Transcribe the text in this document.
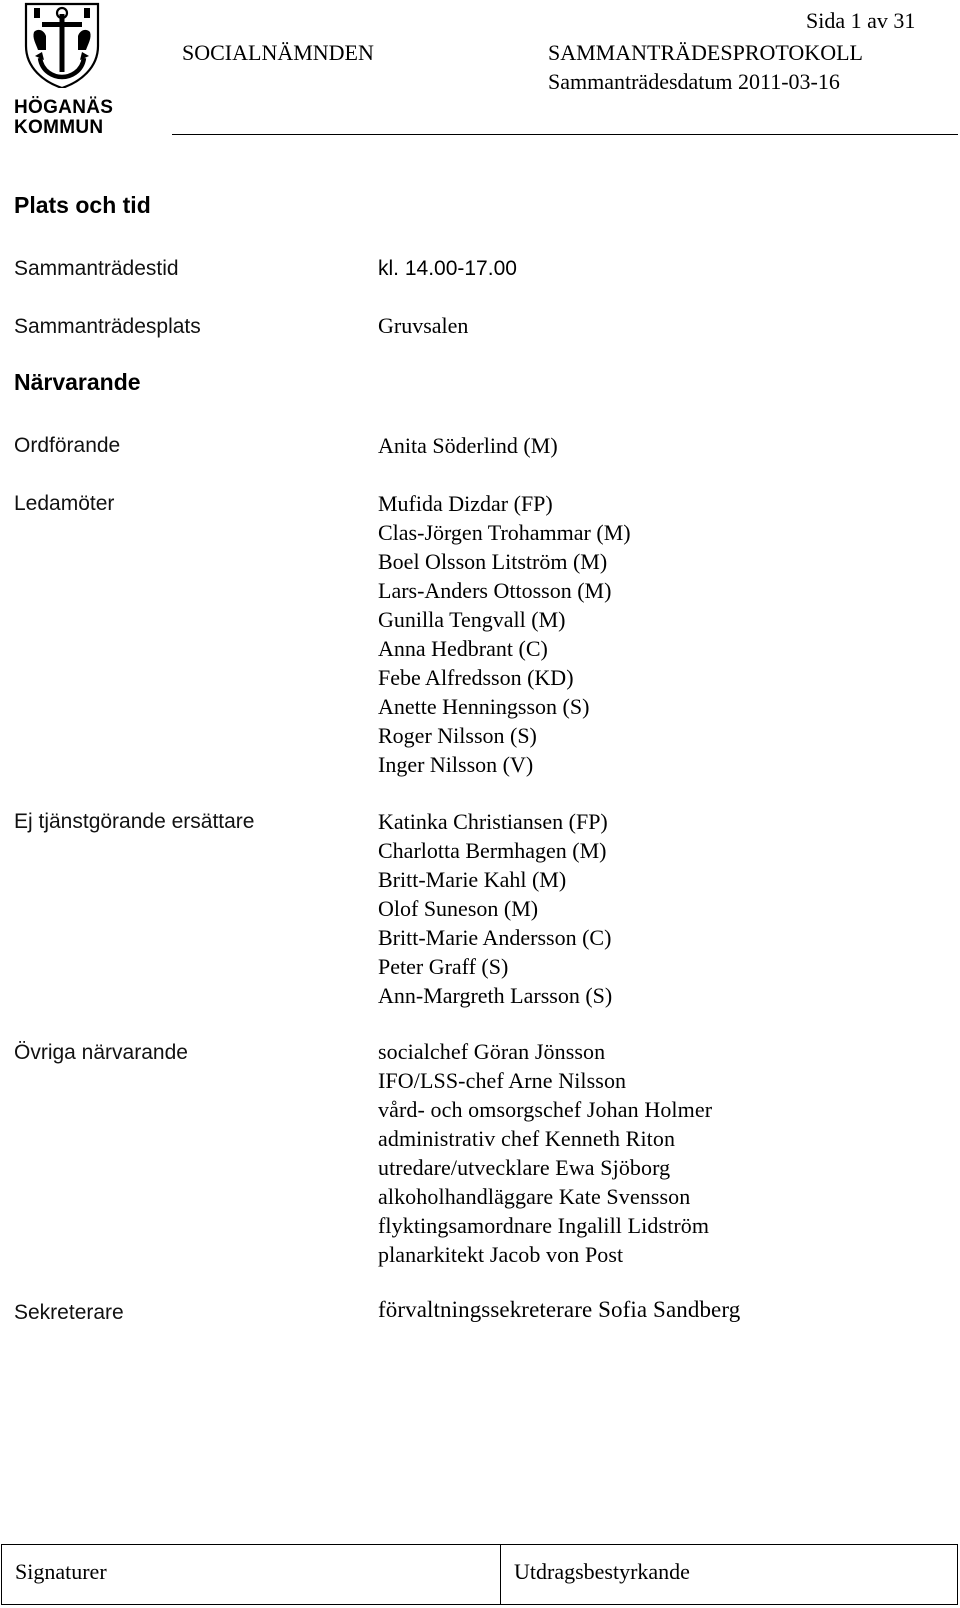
HÖGANÄS
KOMMUN
Sida 1 av 31
SOCIALNÄMNDEN	SAMMANTRÄDESPROTOKOLL
Sammanträdesdatum 2011-03-16
Plats och tid
Sammanträdestid	kl. 14.00-17.00
Sammanträdesplats	Gruvsalen
Närvarande
Ordförande	Anita Söderlind (M)
Ledamöter	Mufida Dizdar (FP)
Clas-Jörgen Trohammar (M)
Boel Olsson Litström (M)
Lars-Anders Ottosson (M)
Gunilla Tengvall (M)
Anna Hedbrant (C)
Febe Alfredsson (KD)
Anette Henningsson (S)
Roger Nilsson (S)
Inger Nilsson (V)
Ej tjänstgörande ersättare	Katinka Christiansen (FP)
Charlotta Bermhagen (M)
Britt-Marie Kahl (M)
Olof Suneson (M)
Britt-Marie Andersson (C)
Peter Graff (S)
Ann-Margreth Larsson (S)
Övriga närvarande	socialchef Göran Jönsson
IFO/LSS-chef Arne Nilsson
vård- och omsorgschef Johan Holmer
administrativ chef Kenneth Riton
utredare/utvecklare Ewa Sjöborg
alkoholhandläggare Kate Svensson
flyktingsamordnare Ingalill Lidström
planarkitekt Jacob von Post
Sekreterare	förvaltningssekreterare Sofia Sandberg
Signaturer	Utdragsbestyrkande
